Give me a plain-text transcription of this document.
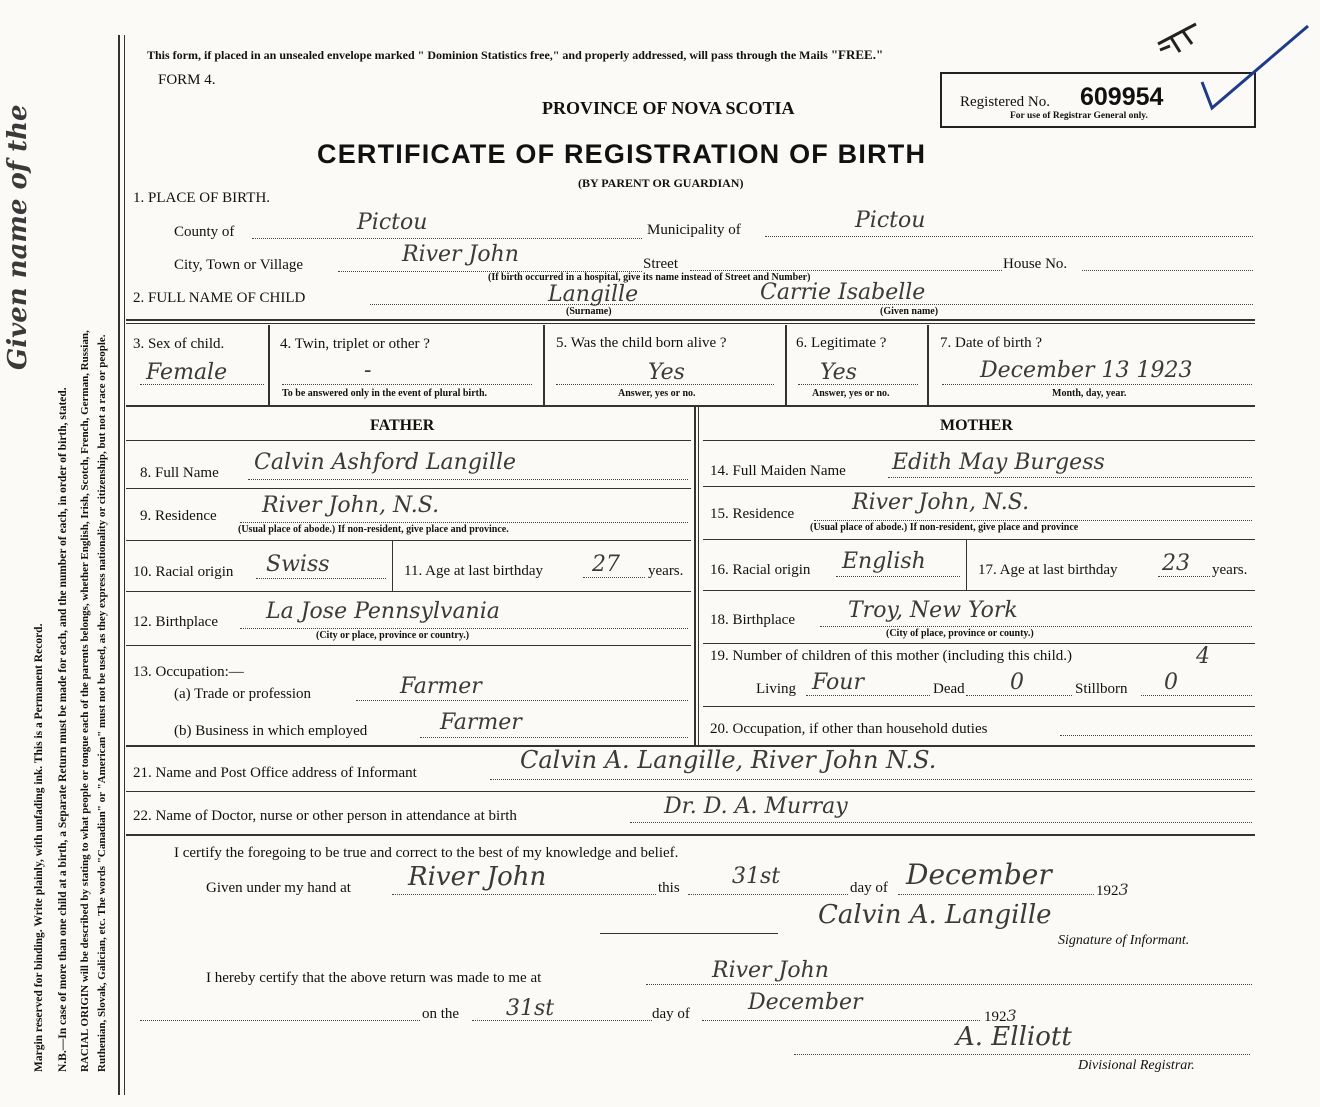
Margin reserved for binding. Write plainly, with unfading ink. This is a Permanent Record. N.B.—In case of more than one child at a birth, a Separate Return must be made for each, and the number of each, in order of birth, stated. RACIAL ORIGIN will be described by stating to what people or tongue each of the parents belongs, whether English, Irish, Scotch, French, German, Russian, Ruthenian, Slovak, Galician, etc. The words "Canadian" or "American" must not be used, as they express nationality or citizenship, but not a race or people.
Given name of the
This form, if placed in an unsealed envelope marked " Dominion Statistics free," and properly addressed, will pass through the Mails "FREE."
FORM 4.
PROVINCE OF NOVA SCOTIA
CERTIFICATE OF REGISTRATION OF BIRTH
(BY PARENT OR GUARDIAN)
Registered No. 609954
For use of Registrar General only.
1. PLACE OF BIRTH.
County of	Pictou	Municipality of	Pictou
City, Town or Village	River John	Street	House No.
(If birth occurred in a hospital, give its name instead of Street and Number)
2. FULL NAME OF CHILD	Langille	Carrie Isabelle
(Surname)	(Given name)
3. Sex of child.
Female
4. Twin, triplet or other ?
-
To be answered only in the event of plural birth.
5. Was the child born alive ?
Yes
Answer, yes or no.
6. Legitimate ?
Yes
Answer, yes or no.
7. Date of birth ?
December 13 1923
Month, day, year.
FATHER	MOTHER
8. Full Name Calvin Ashford Langille
9. Residence River John, N.S.
(Usual place of abode.) If non-resident, give place and province.
10. Racial origin Swiss	11. Age at last birthday 27 years.
12. Birthplace La Jose Pennsylvania
(City or place, province or country.)
13. Occupation:—
(a) Trade or profession	Farmer
(b) Business in which employed	Farmer
14. Full Maiden Name Edith May Burgess
15. Residence	River John, N.S.
(Usual place of abode.) If non-resident, give place and province
16. Racial origin English	17. Age at last birthday 23 years.
18. Birthplace Troy, New York
(City of place, province or county.)
19. Number of children of this mother (including this child.)	4
Living Four	Dead 0	Stillborn 0
20. Occupation, if other than household duties
21. Name and Post Office address of Informant	Calvin A. Langille, River John N.S.
22. Name of Doctor, nurse or other person in attendance at birth	Dr. D. A. Murray
I certify the foregoing to be true and correct to the best of my knowledge and belief.
Given under my hand at River John	this 31st	day of December	1923
Calvin A. Langille
Signature of Informant.
I hereby certify that the above return was made to me at	River John
on the 31st	day of	December
1923
A. Elliott
Divisional Registrar.
